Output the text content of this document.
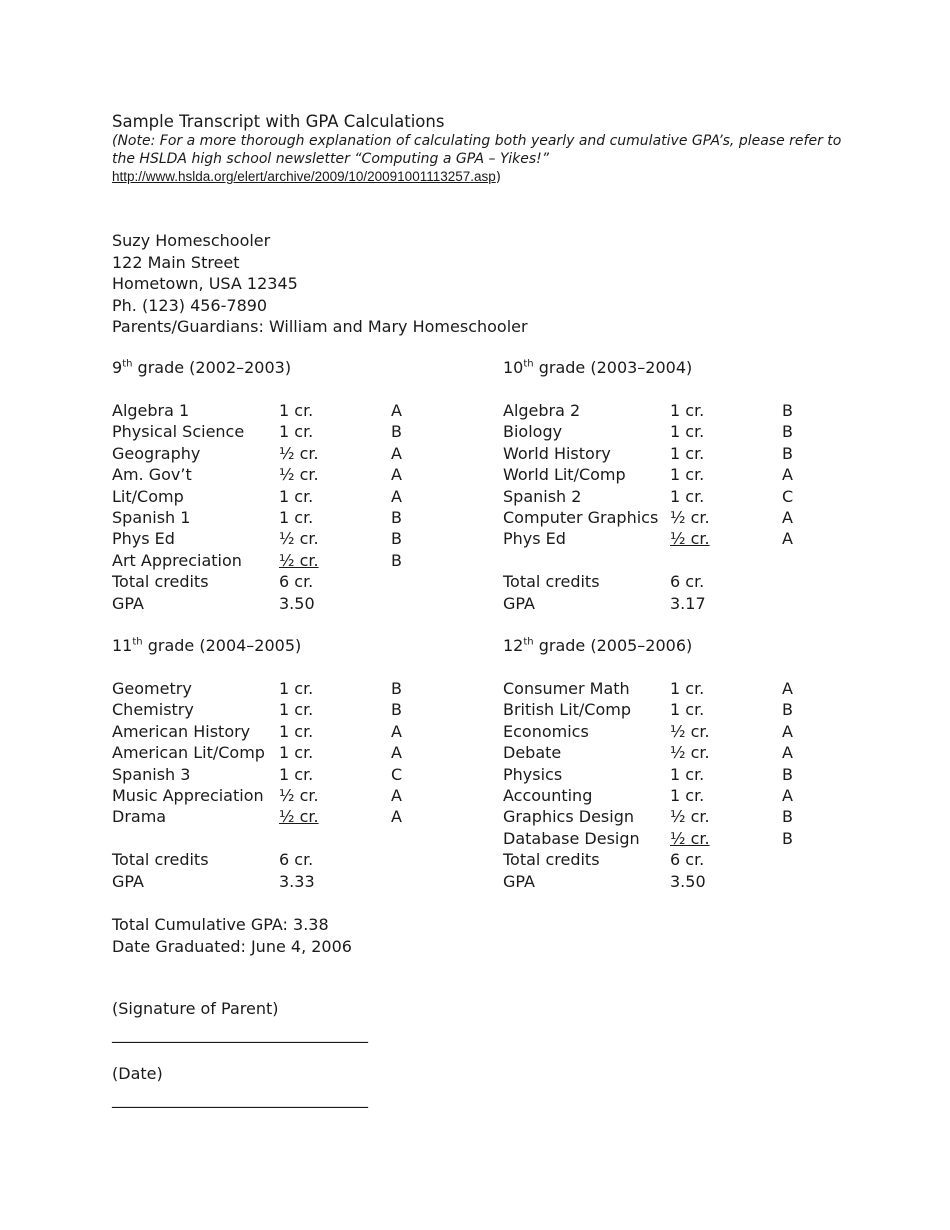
Sample Transcript with GPA Calculations
(Note: For a more thorough explanation of calculating both yearly and cumulative GPA’s, please refer to the HSLDA high school newsletter “Computing a GPA – Yikes!”
http://www.hslda.org/elert/archive/2009/10/20091001113257.asp)
Suzy Homeschooler
122 Main Street
Hometown, USA 12345
Ph. (123) 456-7890
Parents/Guardians: William and Mary Homeschooler
9th grade (2002–2003)
Algebra 1	1 cr.	A
Physical Science 1 cr.	B
Geography	½ cr.	A
Am. Gov’t	½ cr.	A
Lit/Comp	1 cr.	A
Spanish 1	1 cr.	B
Phys Ed	½ cr.	B
Art Appreciation ½ cr.	B
Total credits	6 cr.
GPA	3.50
10th grade (2003–2004)
Algebra 2	1 cr.	B
Biology	1 cr.	B
World History	1 cr.	B
World Lit/Comp	1 cr.	A
Spanish 2	1 cr.	C
Computer Graphics ½ cr.	A
Phys Ed	½ cr.	A
Total credits	6 cr.
GPA	3.17
11th grade (2004–2005)
Geometry	1 cr.	B
Chemistry	1 cr.	B
American History 1 cr.	A
American Lit/Comp 1 cr.	A
Spanish 3	1 cr.	C
Music Appreciation ½ cr.	A
Drama	½ cr.	A
Total credits	6 cr.
GPA	3.33
12th grade (2005–2006)
Consumer Math	1 cr.	A
British Lit/Comp 1 cr.	B
Economics	½ cr.	A
Debate	½ cr.	A
Physics	1 cr.	B
Accounting	1 cr.	A
Graphics Design ½ cr.	B
Database Design ½ cr.	B
Total credits	6 cr.
GPA	3.50
Total Cumulative GPA: 3.38
Date Graduated: June 4, 2006
(Signature of Parent)
________________________________
(Date)
________________________________
